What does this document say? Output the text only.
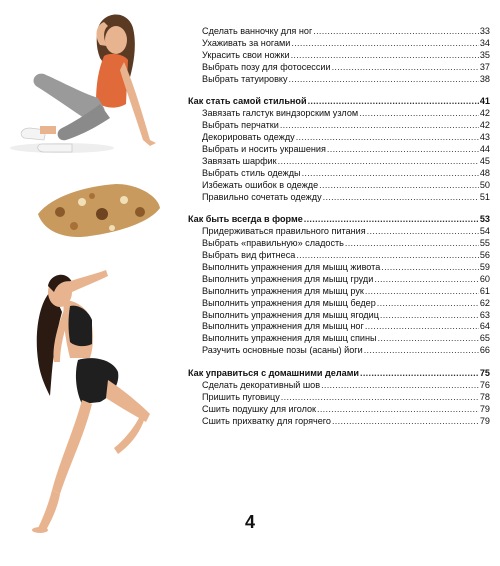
Сделать ванночку для ног .....	33
Ухаживать за ногами .....	34
Украсить свои ножки .....	35
Выбрать позу для фотосессии .....	37
Выбрать татуировку .....	38
Как стать самой стильной .....	41
Завязать галстук виндзорским узлом .....	42
Выбрать перчатки .....	42
Декорировать одежду .....	43
Выбрать и носить украшения .....	44
Завязать шарфик .....	45
Выбрать стиль одежды .....	48
Избежать ошибок в одежде .....	50
Правильно сочетать одежду .....	51
Как быть всегда в форме .....	53
Придерживаться правильного питания .....	54
Выбрать «правильную» сладость .....	55
Выбрать вид фитнеса .....	56
Выполнить упражнения для мышц живота .....	59
Выполнить упражнения для мышц груди .....	60
Выполнить упражнения для мышц рук .....	61
Выполнить упражнения для мышц бедер .....	62
Выполнить упражнения для мышц ягодиц .....	63
Выполнить упражнения для мышц ног .....	64
Выполнить упражнения для мышц спины .....	65
Разучить основные позы (асаны) йоги .....	66
Как управиться с домашними делами .....	75
Сделать декоративный шов .....	76
Пришить пуговицу .....	78
Сшить подушку для иголок .....	79
Сшить прихватку для горячего .....	79
4
